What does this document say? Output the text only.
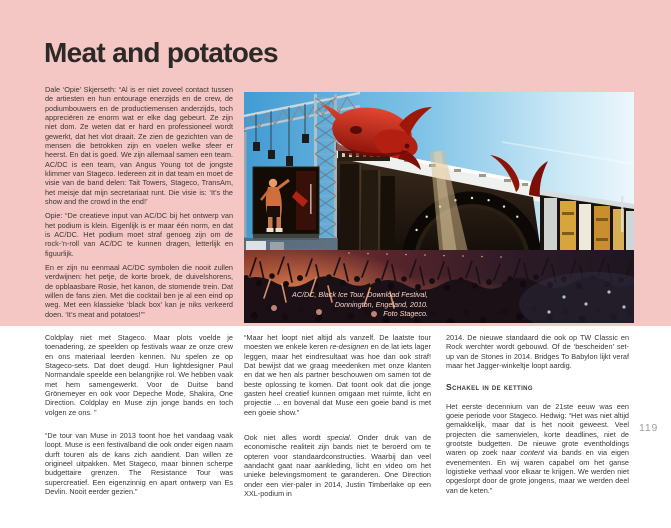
Meat and potatoes
AC/DC, Black Ice Tour, Download Festival,
Donnington, Engeland, 2010.
Foto Stageco.

Dale ‘Opie’ Skjerseth: “Al is er niet zoveel contact tussen de artiesten en hun entourage enerzijds en de crew, de podiumbouwers en de productiemensen anderzijds, toch appreciëren ze enorm wat er elke dag gebeurt. Ze zijn niet dom. Ze weten dat er hard en professioneel wordt gewerkt, dat het vlot draait. Ze zien de gezichten van de mensen die betrokken zijn en voelen welke sfeer er heerst. En dat is goed. We zijn allemaal samen een team. AC/DC is een team, van Angus Young tot de jongste klimmer van Stageco. Iedereen zit in dat team en moet de visie van de band delen: Tait Towers, Stageco, TransAm, het meisje dat mijn secretariaat runt. Die visie is: ‘It’s the show and the crowd in the end!’

Opie: “De creatieve input van AC/DC bij het ontwerp van het podium is klein. Eigenlijk is er maar één norm, en dat is AC/DC. Het podium moet straf genoeg zijn om de rock-’n-roll van AC/DC te kunnen dragen, letterlijk en figuurlijk.

En er zijn nu eenmaal AC/DC symbolen die nooit zullen verdwijnen: het petje, de korte broek, de duivelshorens, de opblaasbare Rosie, het kanon, de stomende trein. Dat willen de fans zien. Met die cocktail ben je al een eind op weg. Met een klassieke ‘black box’ kan je niks verkeerd doen. ‘It’s meat and potatoes!’”

Coldplay niet met Stageco. Maar plots voelde je toenadering, ze speelden op festivals waar ze onze crew en ons materiaal leerden kennen. Nu spelen ze op Stageco-sets. Dat doet deugd. Hun lightdesigner Paul Normandale speelde een belangrijke rol. We hebben vaak met hem samengewerkt. Voor de Duitse band Grönemeyer en ook voor Depeche Mode, Shakira, One Direction. Coldplay en Muse zijn jonge bands en toch volgen ze ons. ”

“De tour van Muse in 2013 toont hoe het vandaag vaak loopt. Muse is een festivalband die ook onder eigen naam durft touren als de kans zich aandient. Dan willen ze origineel uitpakken. Met Stageco, maar binnen scherpe budgettaire grenzen. The Resistance Tour was supercreatief. Een eigenzinnig en apart ontwerp van Es Devlin. Nooit eerder gezien.”

“Maar het loopt niet altijd als vanzelf. De laatste tour moesten we enkele keren re-designen en de lat iets lager leggen, maar het eindresultaat was hoe dan ook straf! Dat bewijst dat we graag meedenken met onze klanten en dat we hen als partner beschouwen om samen tot de beste oplossing te komen. Dat toont ook dat die jonge gasten heel creatief kunnen omgaan met ruimte, licht en projectie ... en bovenal dat Muse een goeie band is met een goeie show.”

Ook niet alles wordt special. Onder druk van de economische realiteit zijn bands niet te beroerd om te opteren voor standaardconstructies. Waarbij dan veel aandacht gaat naar aankleding, licht en video om het unieke belevingsmoment te garanderen. One Direction onder een vier-paler in 2014, Justin Timberlake op een XXL-podium in

2014. De nieuwe standaard die ook op TW Classic en Rock werchter wordt gebouwd. Of de ‘bescheiden’ set-up van de Stones in 2014. Bridges To Babylon lijkt veraf maar het Jagger-winkeltje loopt aardig.

Schakel in de ketting

Het eerste decennium van de 21ste eeuw was een goeie periode voor Stageco. Hedwig: “Het was niet altijd gemakkelijk, maar dat is het nooit geweest. Veel projecten die samenvielen, korte deadlines, niet de grootste budgetten. De nieuwe grote eventholdings waren op zoek naar content via bands en via eigen evenementen. En wij waren capabel om het ganse logistieke verhaal voor elkaar te krijgen. We werden niet opgeslorpt door de grote jongens, maar we werden deel van de keten.”

119
